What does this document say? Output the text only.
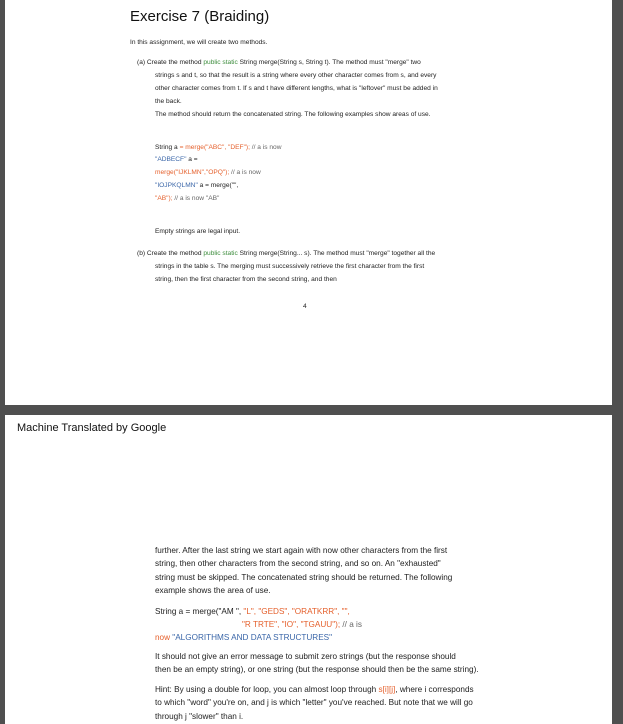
Exercise 7 (Braiding)
In this assignment, we will create two methods.
(a) Create the method public static String merge(String s, String t). The method must "merge" two
strings s and t, so that the result is a string where every other character comes from s, and every
other character comes from t. If s and t have different lengths, what is "leftover" must be added in
the back.
The method should return the concatenated string. The following examples show areas of use.
String a = merge("ABC", "DEF"); // a is now
"ADBECF" a =
merge("IJKLMN","OPQ"); // a is now
"IOJPKQLMN" a = merge("",
"AB"); // a is now "AB"
Empty strings are legal input.
(b) Create the method public static String merge(String... s). The method must "merge" together all the
strings in the table s. The merging must successively retrieve the first character from the first
string, then the first character from the second string, and then
4
Machine Translated by Google
further. After the last string we start again with now other characters from the first
string, then other characters from the second string, and so on. An "exhausted"
string must be skipped. The concatenated string should be returned. The following
example shows the area of use.
String a = merge("AM ", "L", "GEDS", "ORATKRR", "",
"R TRTE", "IO", "TGAUU"); // a is
now "ALGORITHMS AND DATA STRUCTURES"
It should not give an error message to submit zero strings (but the response should
then be an empty string), or one string (but the response should then be the same string).
Hint: By using a double for loop, you can almost loop through s[i][j], where i corresponds
to which "word" you're on, and j is which "letter" you've reached. But note that we will go
through j "slower" than i.
